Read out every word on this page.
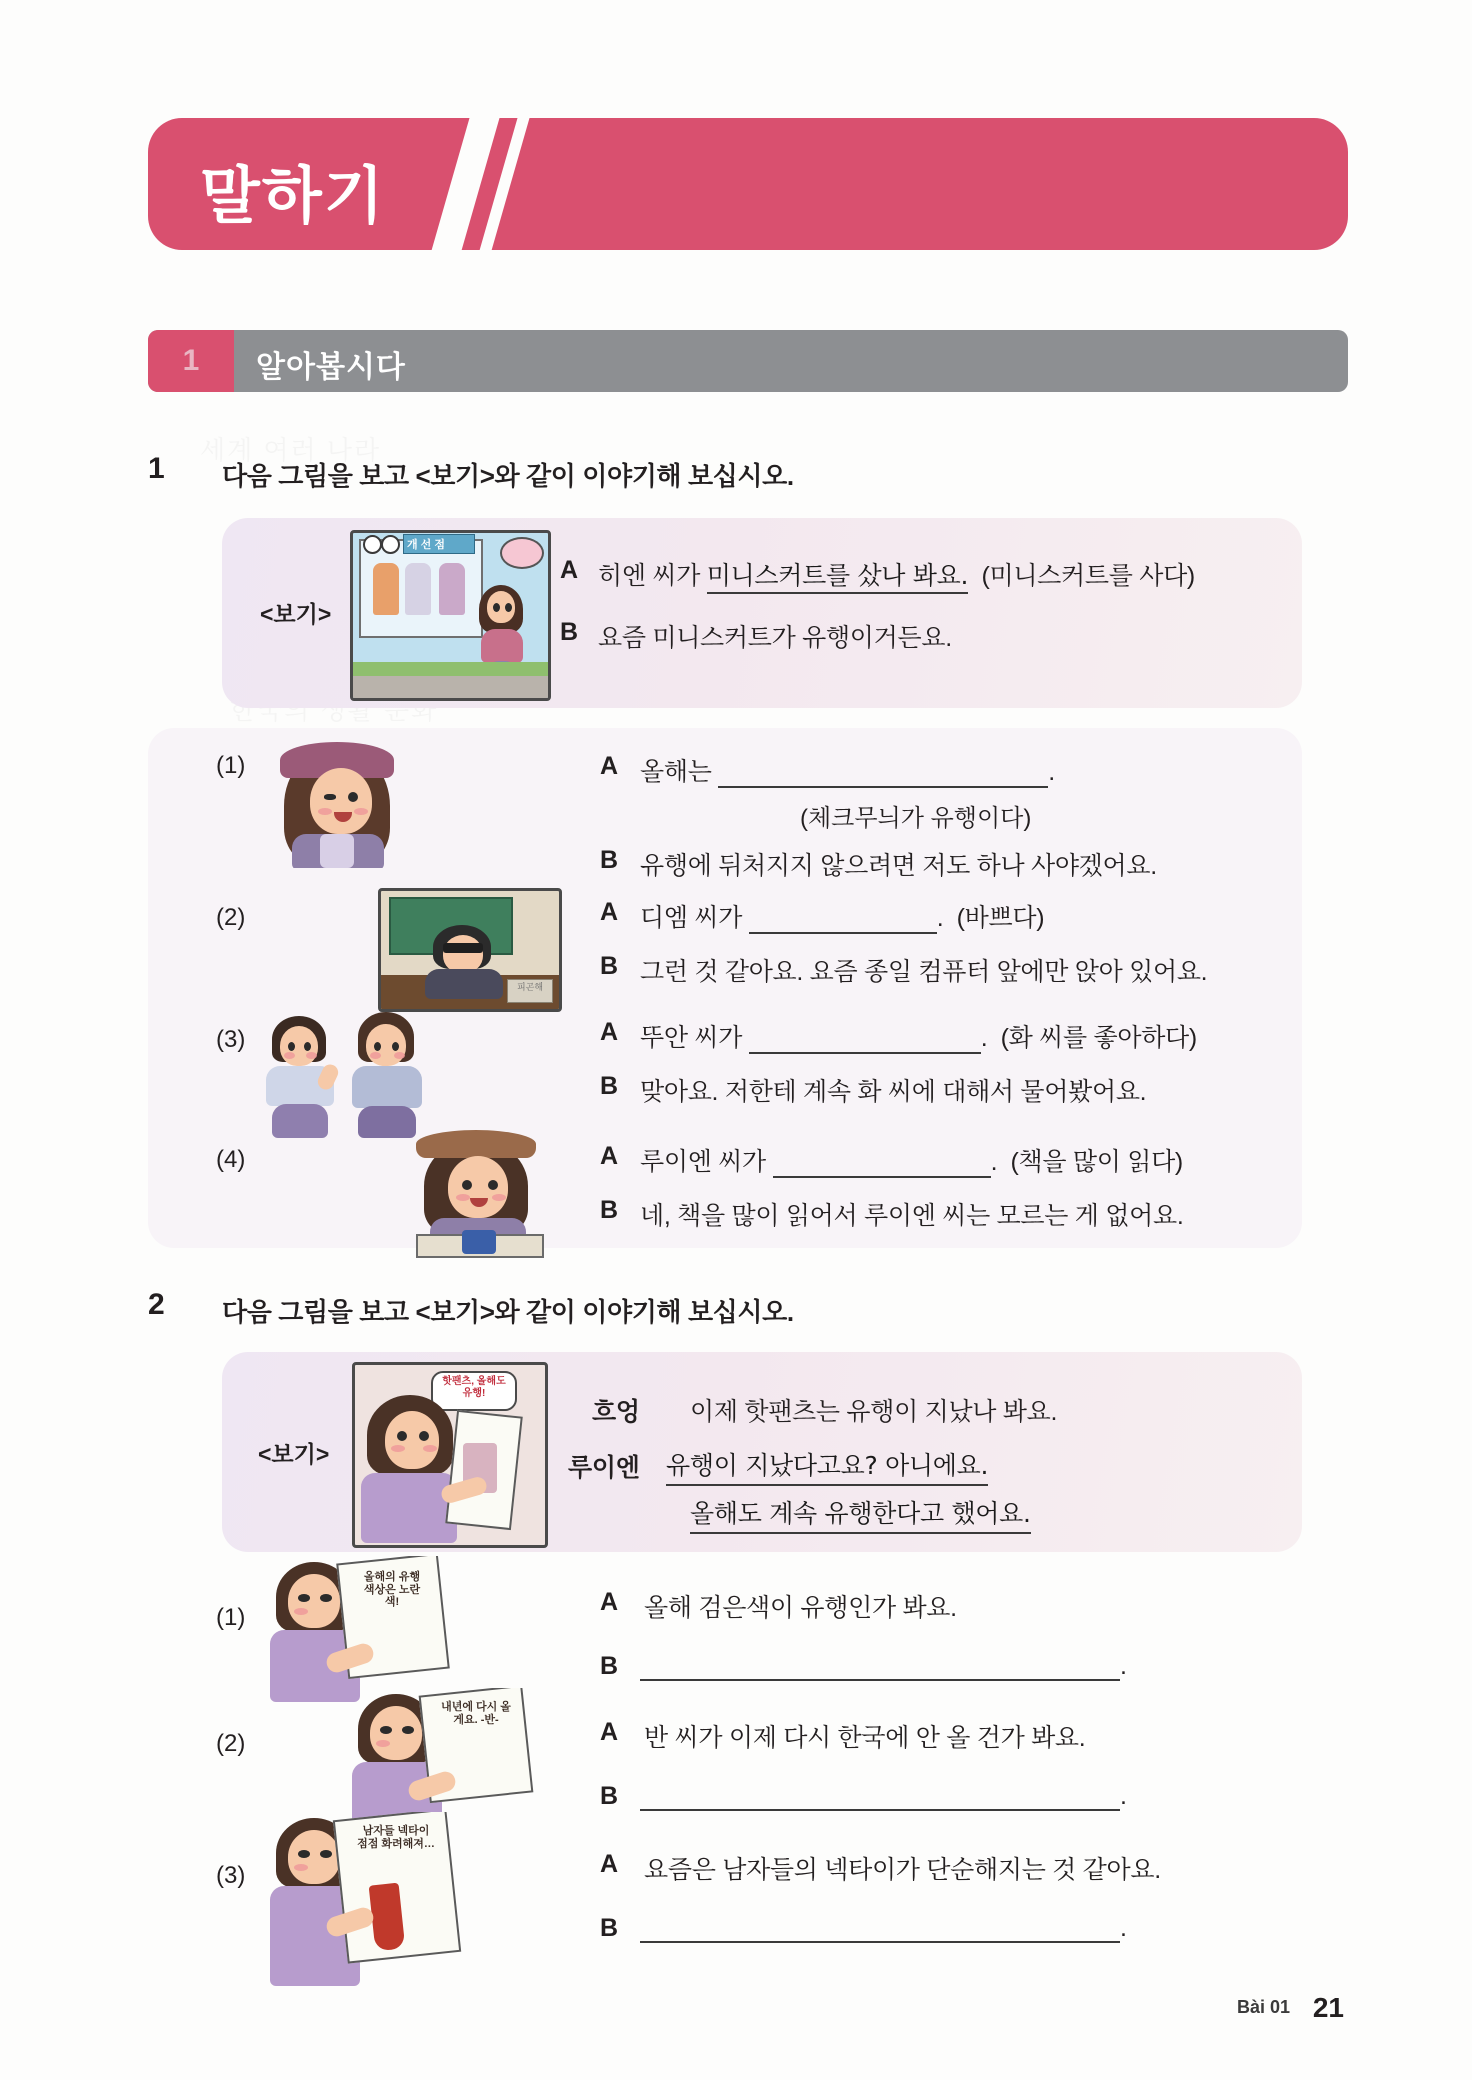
세계 여러 나라
한국의 생활 문화
말하기
1	알아봅시다
1 다음 그림을 보고 <보기>와 같이 이야기해 보십시오.
<보기>
개 선 점
A 히엔 씨가 미니스커트를 샀나 봐요. (미니스커트를 사다)
B 요즘 미니스커트가 유행이거든요.
(1)	A 올해는	.
(체크무늬가 유행이다)
B 유행에 뒤처지지 않으려면 저도 하나 사야겠어요.
(2)
피곤해
A 디엠 씨가	.  (바쁘다)
B 그런 것 같아요. 요즘 종일 컴퓨터 앞에만 앉아 있어요.
(3)	A 뚜안 씨가	.  (화 씨를 좋아하다)
B 맞아요. 저한테 계속 화 씨에 대해서 물어봤어요.
(4)	A 루이엔 씨가	.  (책을 많이 읽다)
B 네, 책을 많이 읽어서 루이엔 씨는 모르는 게 없어요.
2 다음 그림을 보고 <보기>와 같이 이야기해 보십시오.
<보기>
핫팬츠, 올해도 유행!
흐엉 이제 핫팬츠는 유행이 지났나 봐요.
루이엔 유행이 지났다고요? 아니에요.
올해도 계속 유행한다고 했어요.
(1)
올해의 유행 색상은 노란색!	A 올해 검은색이 유행인가 봐요.
B	.
(2)
내년에 다시 올 게요. -반-	A 반 씨가 이제 다시 한국에 안 올 건가 봐요.
B	.
(3)
남자들 넥타이 점점 화려해져…
A 요즘은 남자들의 넥타이가 단순해지는 것 같아요.
B	.
Bài 01 21
